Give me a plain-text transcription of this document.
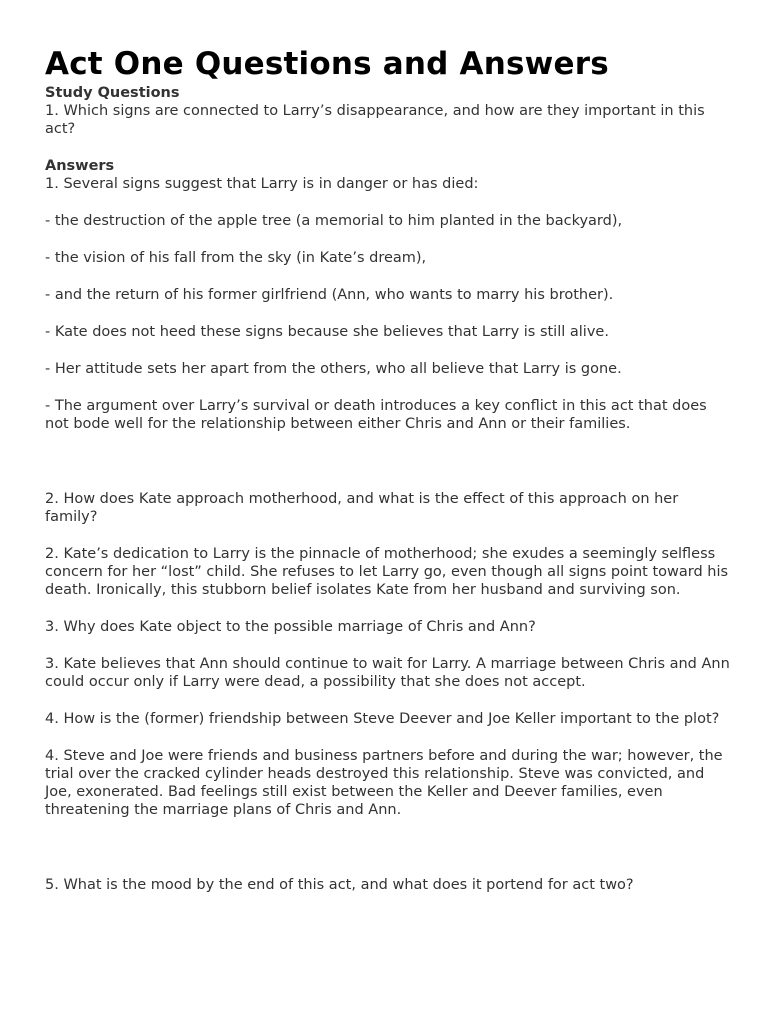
Act One Questions and Answers
Study Questions

1. Which signs are connected to Larry’s disappearance, and how are they important in this act?

Answers

1. Several signs suggest that Larry is in danger or has died:

- the destruction of the apple tree (a memorial to him planted in the backyard),

- the vision of his fall from the sky (in Kate’s dream),

- and the return of his former girlfriend (Ann, who wants to marry his brother).

- Kate does not heed these signs because she believes that Larry is still alive.

- Her attitude sets her apart from the others, who all believe that Larry is gone.

- The argument over Larry’s survival or death introduces a key conflict in this act that does not bode well for the relationship between either Chris and Ann or their families.

2. How does Kate approach motherhood, and what is the effect of this approach on her family?

2. Kate’s dedication to Larry is the pinnacle of motherhood; she exudes a seemingly selfless concern for her “lost” child. She refuses to let Larry go, even though all signs point toward his death. Ironically, this stubborn belief isolates Kate from her husband and surviving son.

3. Why does Kate object to the possible marriage of Chris and Ann?

3. Kate believes that Ann should continue to wait for Larry. A marriage between Chris and Ann could occur only if Larry were dead, a possibility that she does not accept.

4. How is the (former) friendship between Steve Deever and Joe Keller important to the plot?

4. Steve and Joe were friends and business partners before and during the war; however, the trial over the cracked cylinder heads destroyed this relationship. Steve was convicted, and Joe, exonerated. Bad feelings still exist between the Keller and Deever families, even threatening the marriage plans of Chris and Ann.

5. What is the mood by the end of this act, and what does it portend for act two?
